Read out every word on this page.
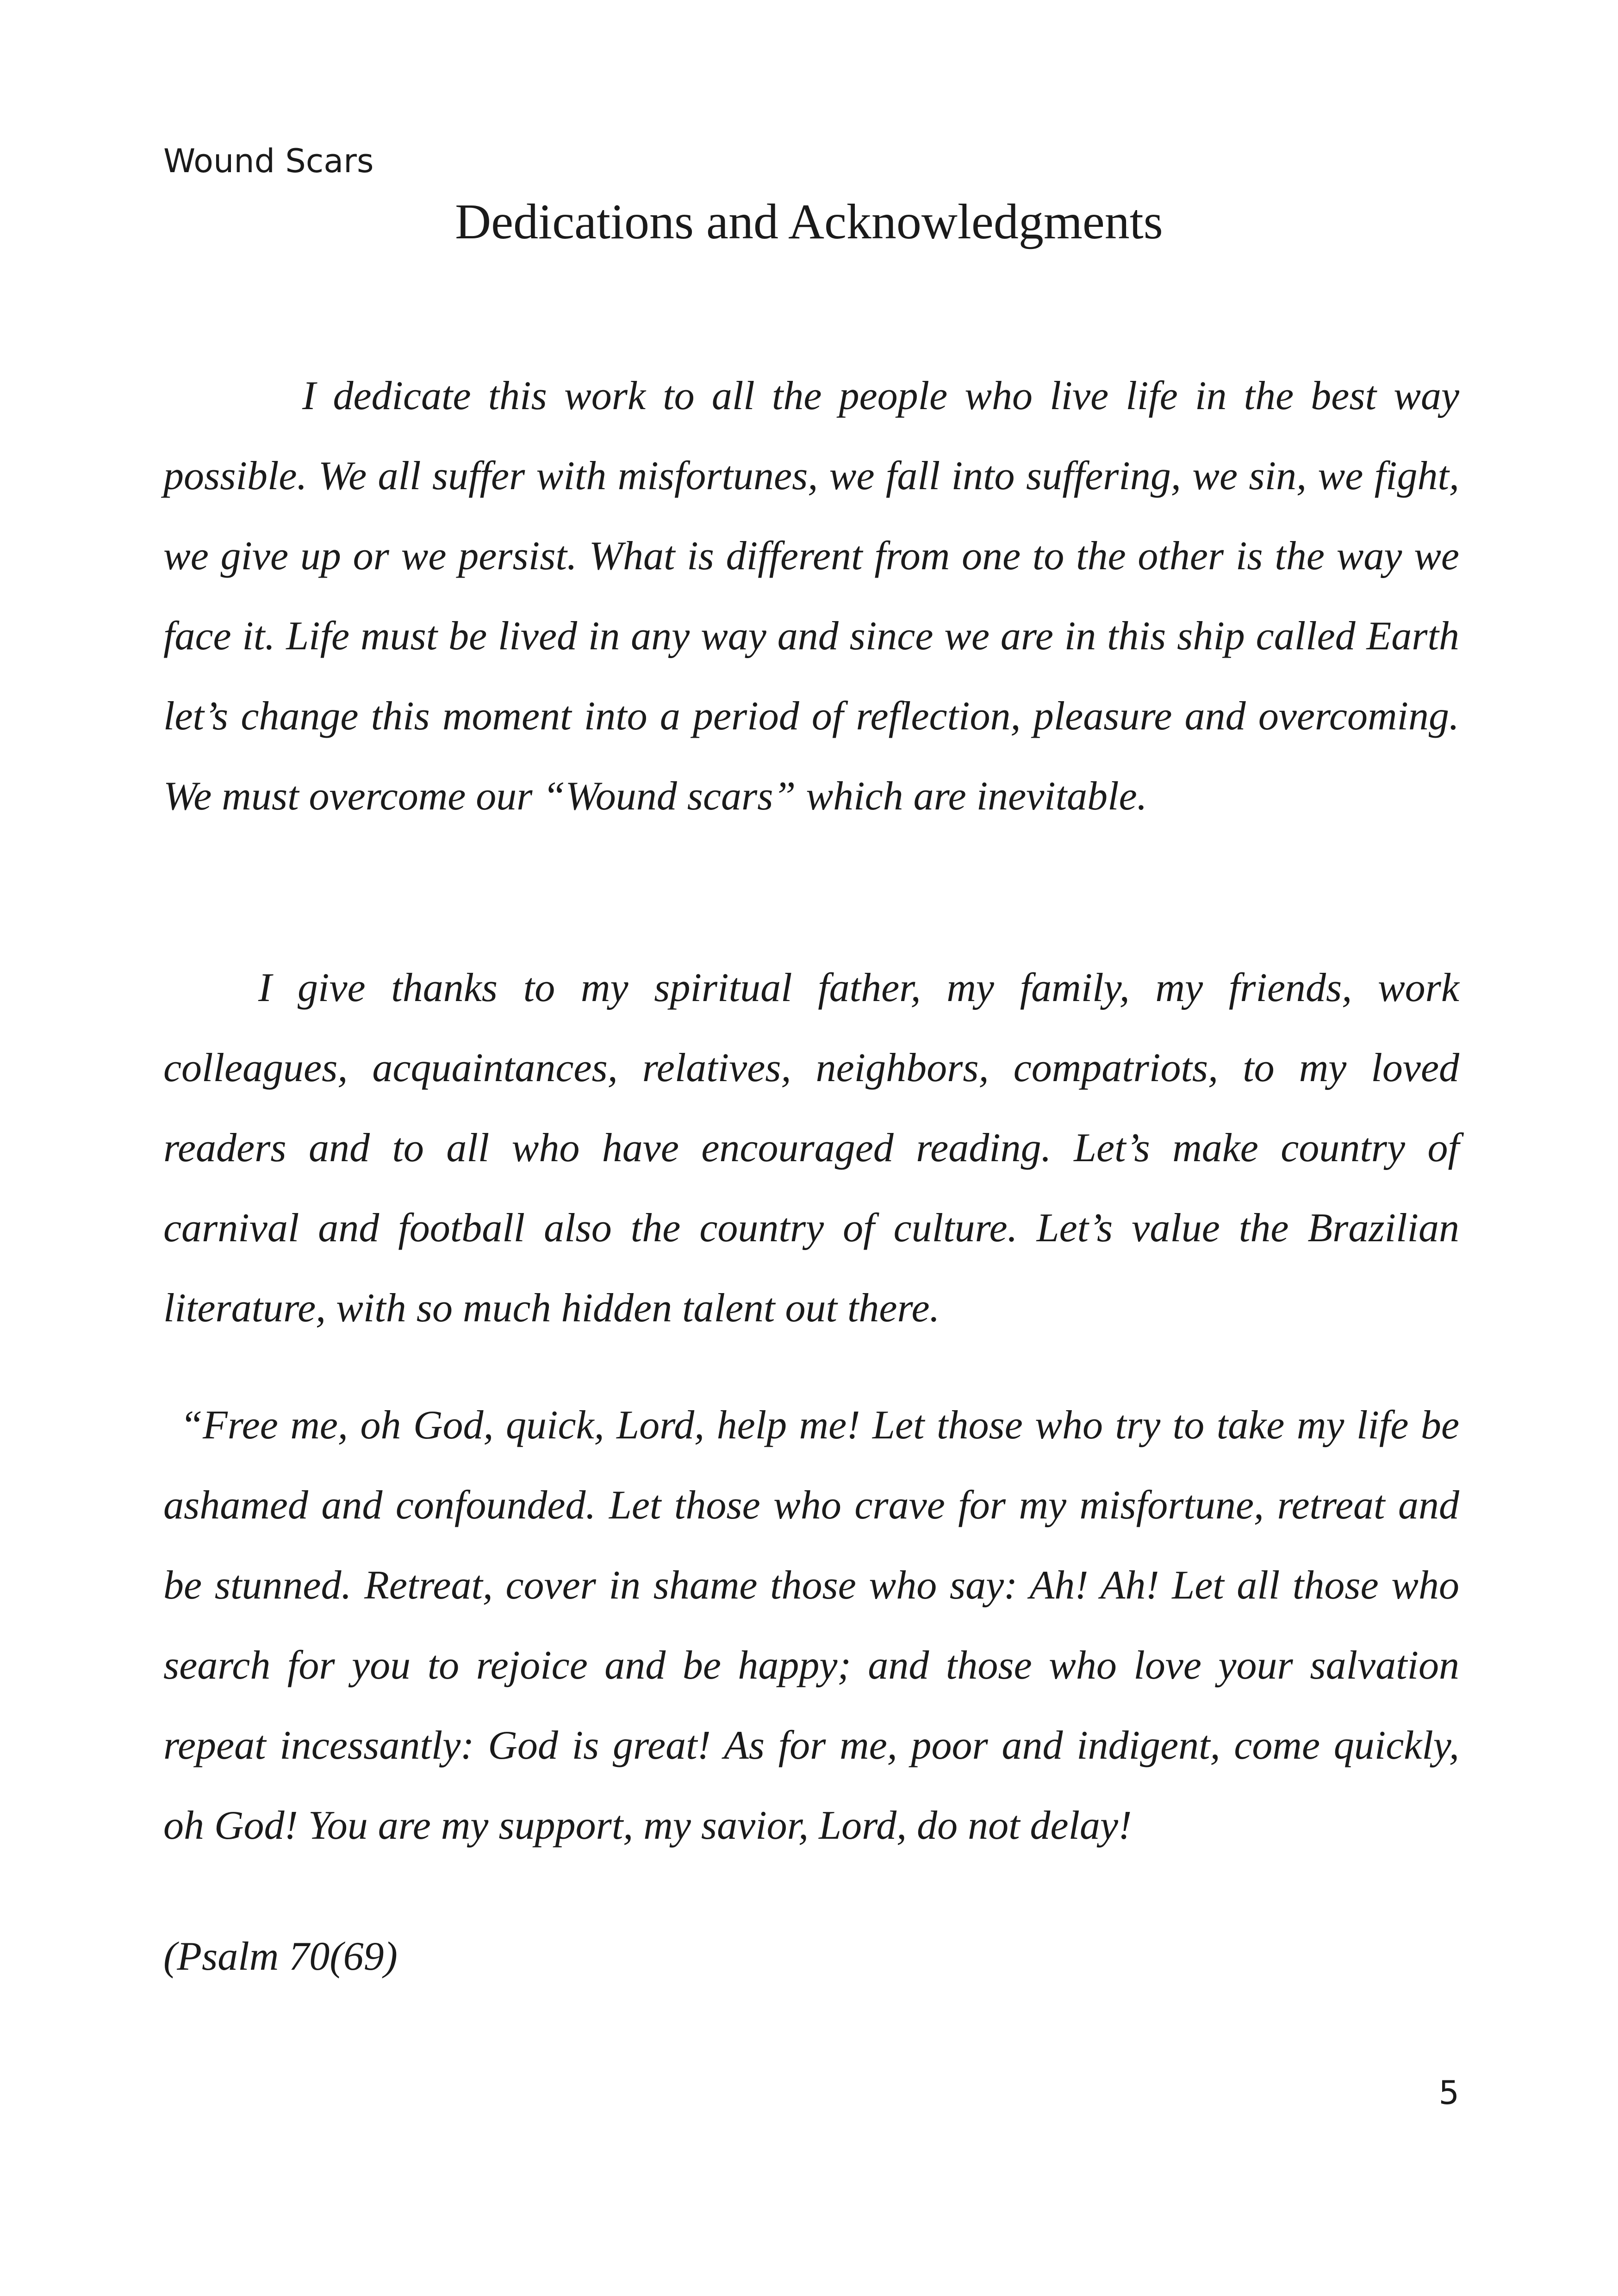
Wound Scars

Dedications and Acknowledgments

I dedicate this work to all the people who live life in the best way possible. We all suffer with misfortunes, we fall into suffering, we sin, we fight, we give up or we persist. What is different from one to the other is the way we face it. Life must be lived in any way and since we are in this ship called Earth let’s change this moment into a period of reflection, pleasure and overcoming. We must overcome our “Wound scars” which are inevitable.

I give thanks to my spiritual father, my family, my friends, work colleagues, acquaintances, relatives, neighbors, compatriots, to my loved readers and to all who have encouraged reading. Let’s make country of carnival and football also the country of culture. Let’s value the Brazilian literature, with so much hidden talent out there.

“Free me, oh God, quick, Lord, help me! Let those who try to take my life be ashamed and confounded. Let those who crave for my misfortune, retreat and be stunned. Retreat, cover in shame those who say: Ah! Ah! Let all those who search for you to rejoice and be happy; and those who love your salvation repeat incessantly: God is great! As for me, poor and indigent, come quickly, oh God! You are my support, my savior, Lord, do not delay!

(Psalm 70(69)

5
